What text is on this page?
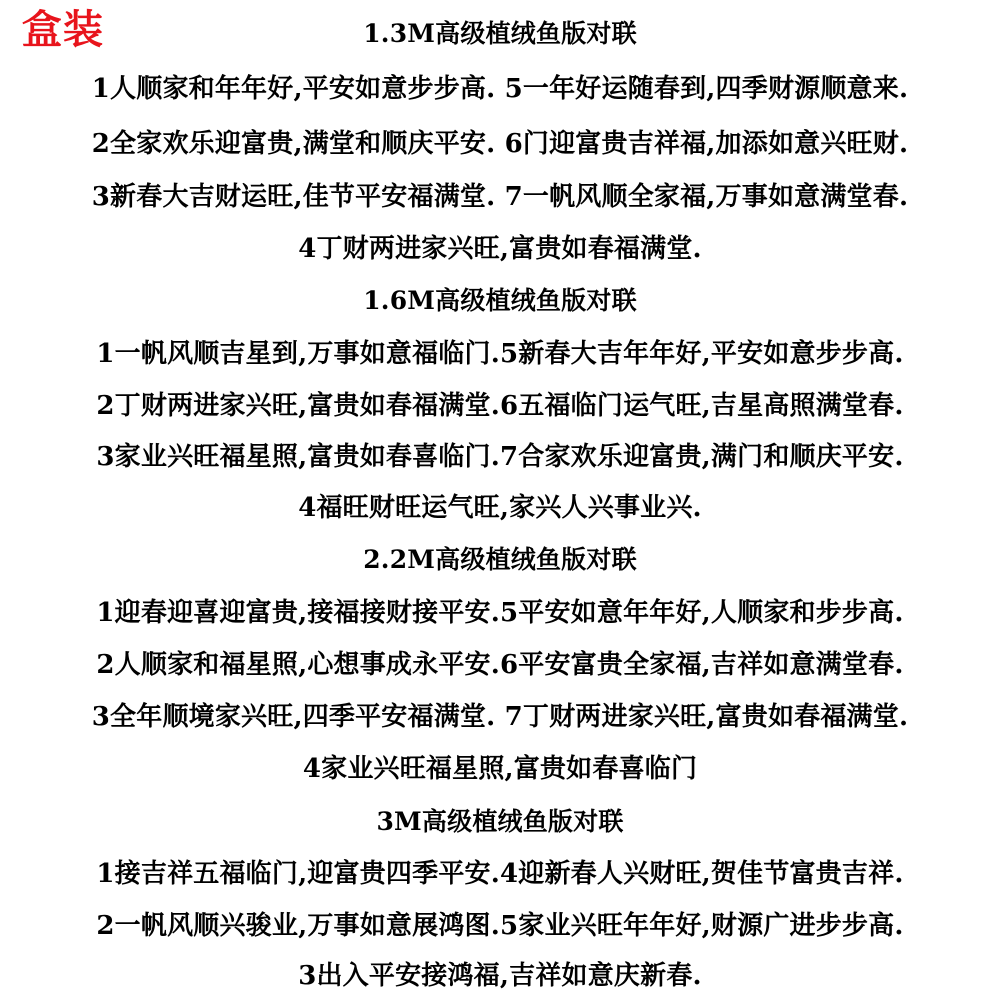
盒装	1.3M高级植绒鱼版对联
1人顺家和年年好,平安如意步步高. 5一年好运随春到,四季财源顺意来.
2全家欢乐迎富贵,满堂和顺庆平安. 6门迎富贵吉祥福,加添如意兴旺财.
3新春大吉财运旺,佳节平安福满堂. 7一帆风顺全家福,万事如意满堂春.
4丁财两进家兴旺,富贵如春福满堂.
1.6M高级植绒鱼版对联
1一帆风顺吉星到,万事如意福临门.5新春大吉年年好,平安如意步步高.
2丁财两进家兴旺,富贵如春福满堂.6五福临门运气旺,吉星高照满堂春.
3家业兴旺福星照,富贵如春喜临门.7合家欢乐迎富贵,满门和顺庆平安.
4福旺财旺运气旺,家兴人兴事业兴.
2.2M高级植绒鱼版对联
1迎春迎喜迎富贵,接福接财接平安.5平安如意年年好,人顺家和步步高.
2人顺家和福星照,心想事成永平安.6平安富贵全家福,吉祥如意满堂春.
3全年顺境家兴旺,四季平安福满堂. 7丁财两进家兴旺,富贵如春福满堂.
4家业兴旺福星照,富贵如春喜临门
3M高级植绒鱼版对联
1接吉祥五福临门,迎富贵四季平安.4迎新春人兴财旺,贺佳节富贵吉祥.
2一帆风顺兴骏业,万事如意展鸿图.5家业兴旺年年好,财源广进步步高.
3出入平安接鸿福,吉祥如意庆新春.
